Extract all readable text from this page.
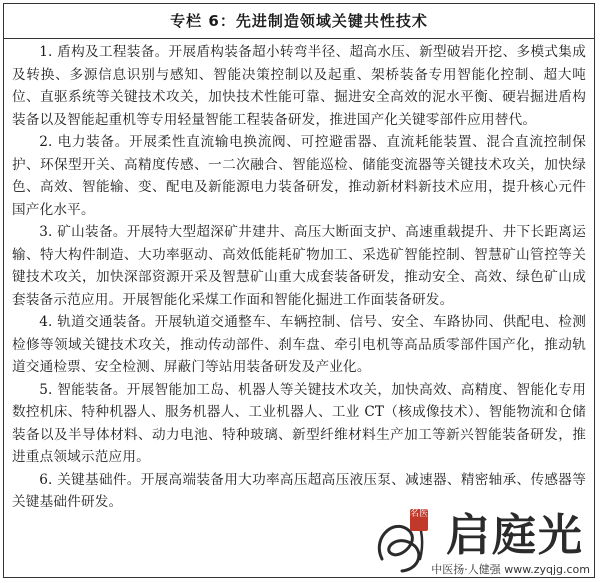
专栏 6：先进制造领域关键共性技术

1. 盾构及工程装备。开展盾构装备超小转弯半径、超高水压、新型破岩开挖、多模式集成及转换、多源信息识别与感知、智能决策控制以及起重、架桥装备专用智能化控制、超大吨位、直驱系统等关键技术攻关，加快技术性能可靠、掘进安全高效的泥水平衡、硬岩掘进盾构装备以及智能起重机等专用轻量智能工程装备研发，推进国产化关键零部件应用替代。

2. 电力装备。开展柔性直流输电换流阀、可控避雷器、直流耗能装置、混合直流控制保护、环保型开关、高精度传感、一二次融合、智能巡检、储能变流器等关键技术攻关，加快绿色、高效、智能输、变、配电及新能源电力装备研发，推动新材料新技术应用，提升核心元件国产化水平。

3. 矿山装备。开展特大型超深矿井建井、高压大断面支护、高速重载提升、井下长距离运输、特大构件制造、大功率驱动、高效低能耗矿物加工、采选矿智能控制、智慧矿山管控等关键技术攻关，加快深部资源开采及智慧矿山重大成套装备研发，推动安全、高效、绿色矿山成套装备示范应用。开展智能化采煤工作面和智能化掘进工作面装备研发。

4. 轨道交通装备。开展轨道交通整车、车辆控制、信号、安全、车路协同、供配电、检测检修等领域关键技术攻关，推动传动部件、刹车盘、牵引电机等高品质零部件国产化，推动轨道交通检票、安全检测、屏蔽门等站用装备研发及产业化。

5. 智能装备。开展智能加工岛、机器人等关键技术攻关，加快高效、高精度、智能化专用数控机床、特种机器人、服务机器人、工业机器人、工业 CT（核成像技术）、智能物流和仓储装备以及半导体材料、动力电池、特种玻璃、新型纤维材料生产加工等新兴智能装备研发，推进重点领域示范应用。

6. 关键基础件。开展高端装备用大功率高压超高压液压泵、减速器、精密轴承、传感器等关键基础件研发。

名医 启庭光
中医扬·人健强 www.zyqjg.com
